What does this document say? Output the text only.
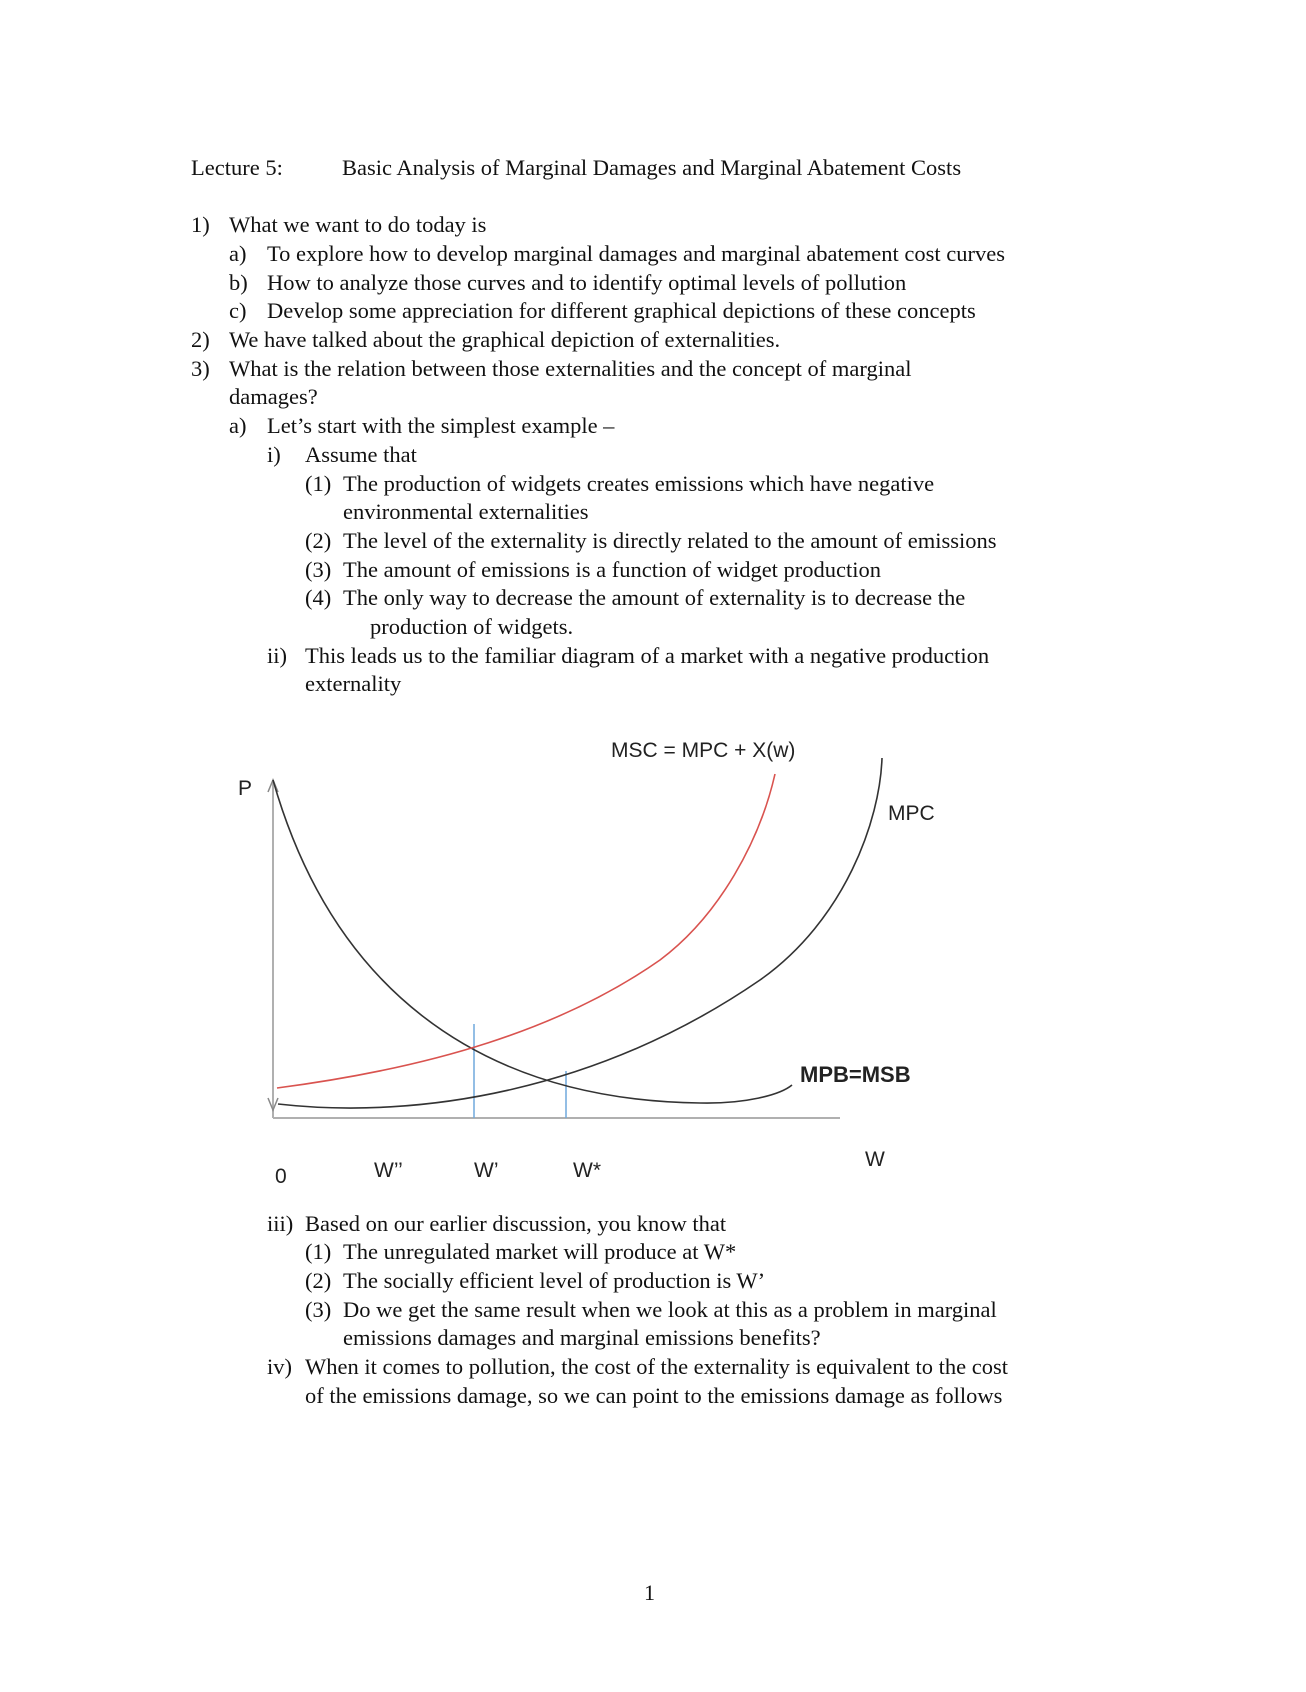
Lecture 5:	Basic Analysis of Marginal Damages and Marginal Abatement Costs
1) What we want to do today is
a) To explore how to develop marginal damages and marginal abatement cost curves
b) How to analyze those curves and to identify optimal levels of pollution
c) Develop some appreciation for different graphical depictions of these concepts
2) We have talked about the graphical depiction of externalities.
3) What is the relation between those externalities and the concept of marginal
damages?
a) Let’s start with the simplest example –
i) Assume that
(1) The production of widgets creates emissions which have negative
environmental externalities
(2) The level of the externality is directly related to the amount of emissions
(3) The amount of emissions is a function of widget production
(4) The only way to decrease the amount of externality is to decrease the
production of widgets.
ii) This leads us to the familiar diagram of a market with a negative production
externality
MSC = MPC + X(w)
MPC
MPB=MSB
P
W
0	W’’	W’	W*
iii) Based on our earlier discussion, you know that
(1) The unregulated market will produce at W*
(2) The socially efficient level of production is W’
(3) Do we get the same result when we look at this as a problem in marginal
emissions damages and marginal emissions benefits?
iv) When it comes to pollution, the cost of the externality is equivalent to the cost
of the emissions damage, so we can point to the emissions damage as follows
1
